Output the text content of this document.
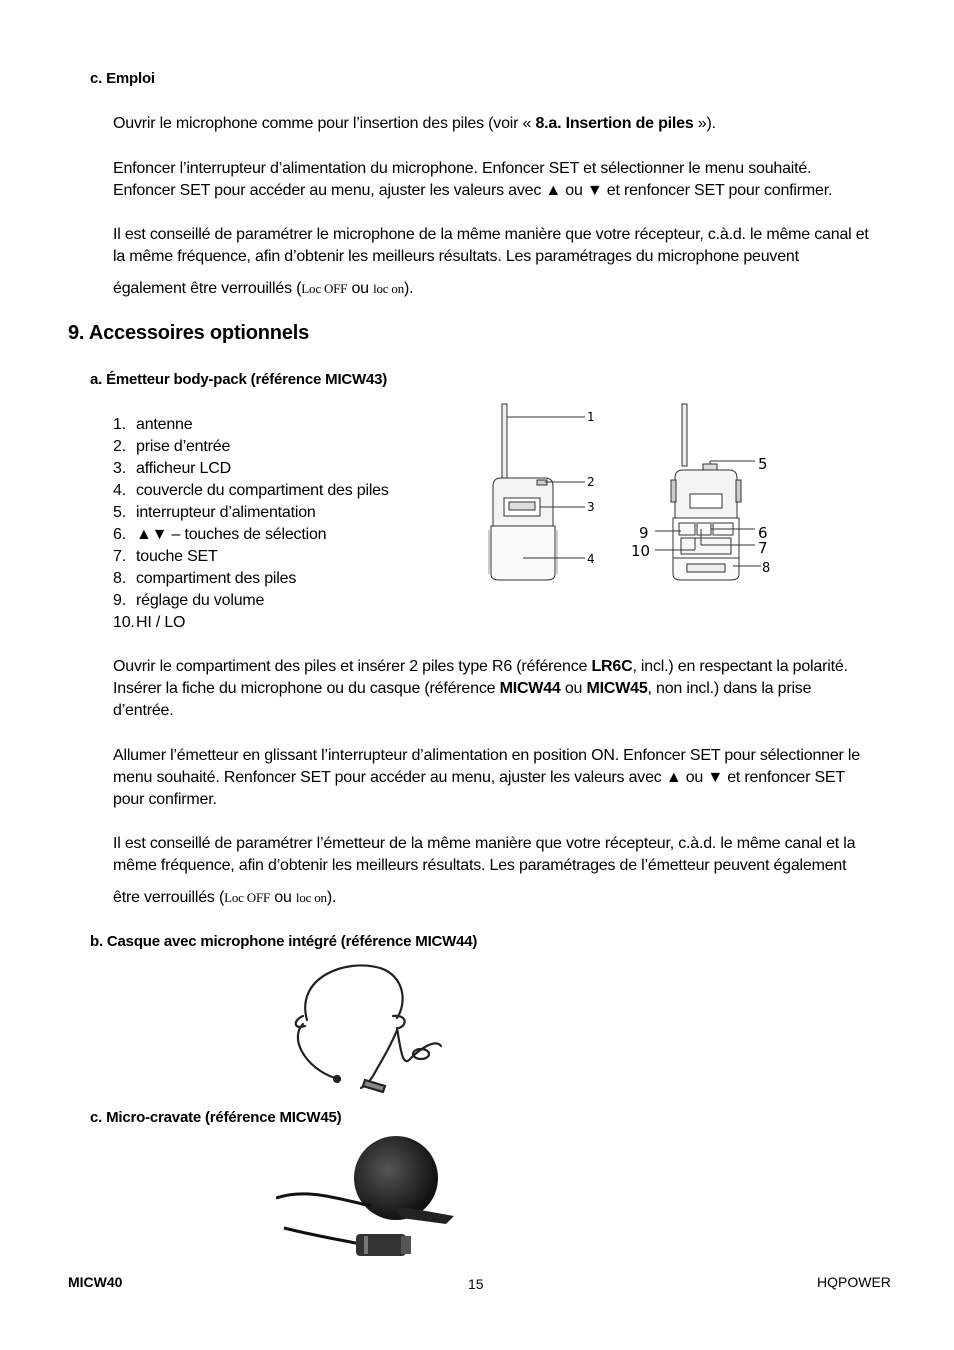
c. Emploi
Ouvrir le microphone comme pour l’insertion des piles (voir « 8.a. Insertion de piles »).
Enfoncer l’interrupteur d’alimentation du microphone. Enfoncer SET et sélectionner le menu souhaité.
Enfoncer SET pour accéder au menu, ajuster les valeurs avec ▲ ou ▼ et renfoncer SET pour confirmer.
Il est conseillé de paramétrer le microphone de la même manière que votre récepteur, c.à.d. le même canal et
la même fréquence, afin d’obtenir les meilleurs résultats. Les paramétrages du microphone peuvent
également être verrouillés (Loc OFF ou loc on).
9. Accessoires optionnels
a. Émetteur body-pack (référence MICW43)
1. antenne
2. prise d’entrée
3. afficheur LCD
4. couvercle du compartiment des piles
5. interrupteur d’alimentation
6. ▲▼ – touches de sélection
7. touche SET
8. compartiment des piles
9. réglage du volume
10.HI / LO
1
2
3
4
5
6
7
8
9
10
Ouvrir le compartiment des piles et insérer 2 piles type R6 (référence LR6C, incl.) en respectant la polarité.
Insérer la fiche du microphone ou du casque (référence MICW44 ou MICW45, non incl.) dans la prise
d’entrée.
Allumer l’émetteur en glissant l’interrupteur d’alimentation en position ON. Enfoncer SET pour sélectionner le
menu souhaité. Renfoncer SET pour accéder au menu, ajuster les valeurs avec ▲ ou ▼ et renfoncer SET
pour confirmer.
Il est conseillé de paramétrer l’émetteur de la même manière que votre récepteur, c.à.d. le même canal et la
même fréquence, afin d’obtenir les meilleurs résultats. Les paramétrages de l’émetteur peuvent également
être verrouillés (Loc OFF ou loc on).
b. Casque avec microphone intégré (référence MICW44)
c. Micro-cravate (référence MICW45)
MICW40	15	HQPOWER
